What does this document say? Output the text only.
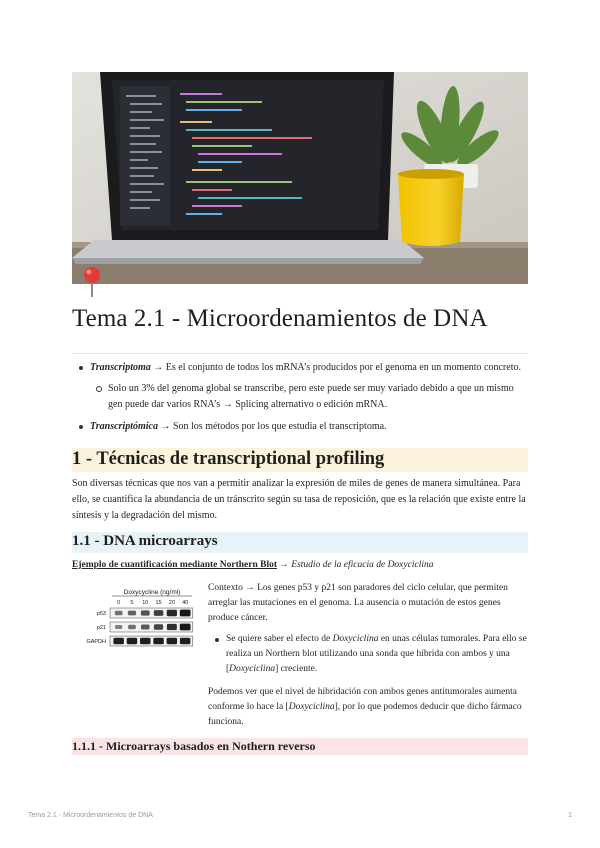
Tema 2.1 - Microordenamientos de DNA
Transcriptoma → Es el conjunto de todos los mRNA’s producidos por el genoma en un momento concreto.
Solo un 3% del genoma global se transcribe, pero este puede ser muy variado debido a que un mismo gen puede dar varios RNA’s → Splicing alternativo o edición mRNA.
Transcriptómica → Son los métodos por los que estudia el transcriptoma.
1 - Técnicas de transcriptional profiling
Son diversas técnicas que nos van a permitir analizar la expresión de miles de genes de manera simultánea. Para ello, se cuantifica la abundancia de un tránscrito según su tasa de reposición, que es la relación que existe entre la síntesis y la degradación del mismo.
1.1 - DNA microarrays
Ejemplo de cuantificación mediante Northern Blot → Estudio de la eficacia de Doxyciclina
Doxycycline (ng/ml)
0 5 10 15 20 40
p53
p21
GAPDH

Contexto → Los genes p53 y p21 son paradores del ciclo celular, que permiten arreglar las mutaciones en el genoma. La ausencia o mutación de estos genes produce cáncer.

Se quiere saber el efecto de Doxyciclina en unas células tumorales. Para ello se realiza un Northern blot utilizando una sonda que híbrida con ambos y una [Doxyciclina] creciente.

Podemos ver que el nivel de hibridación con ambos genes antitumorales aumenta conforme lo hace la [Doxyciclina], por lo que podemos deducir que dicho fármaco funciona.

1.1.1 - Microarrays basados en Nothern reverso
Tema 2.1 - Microordenamientos de DNA	1
